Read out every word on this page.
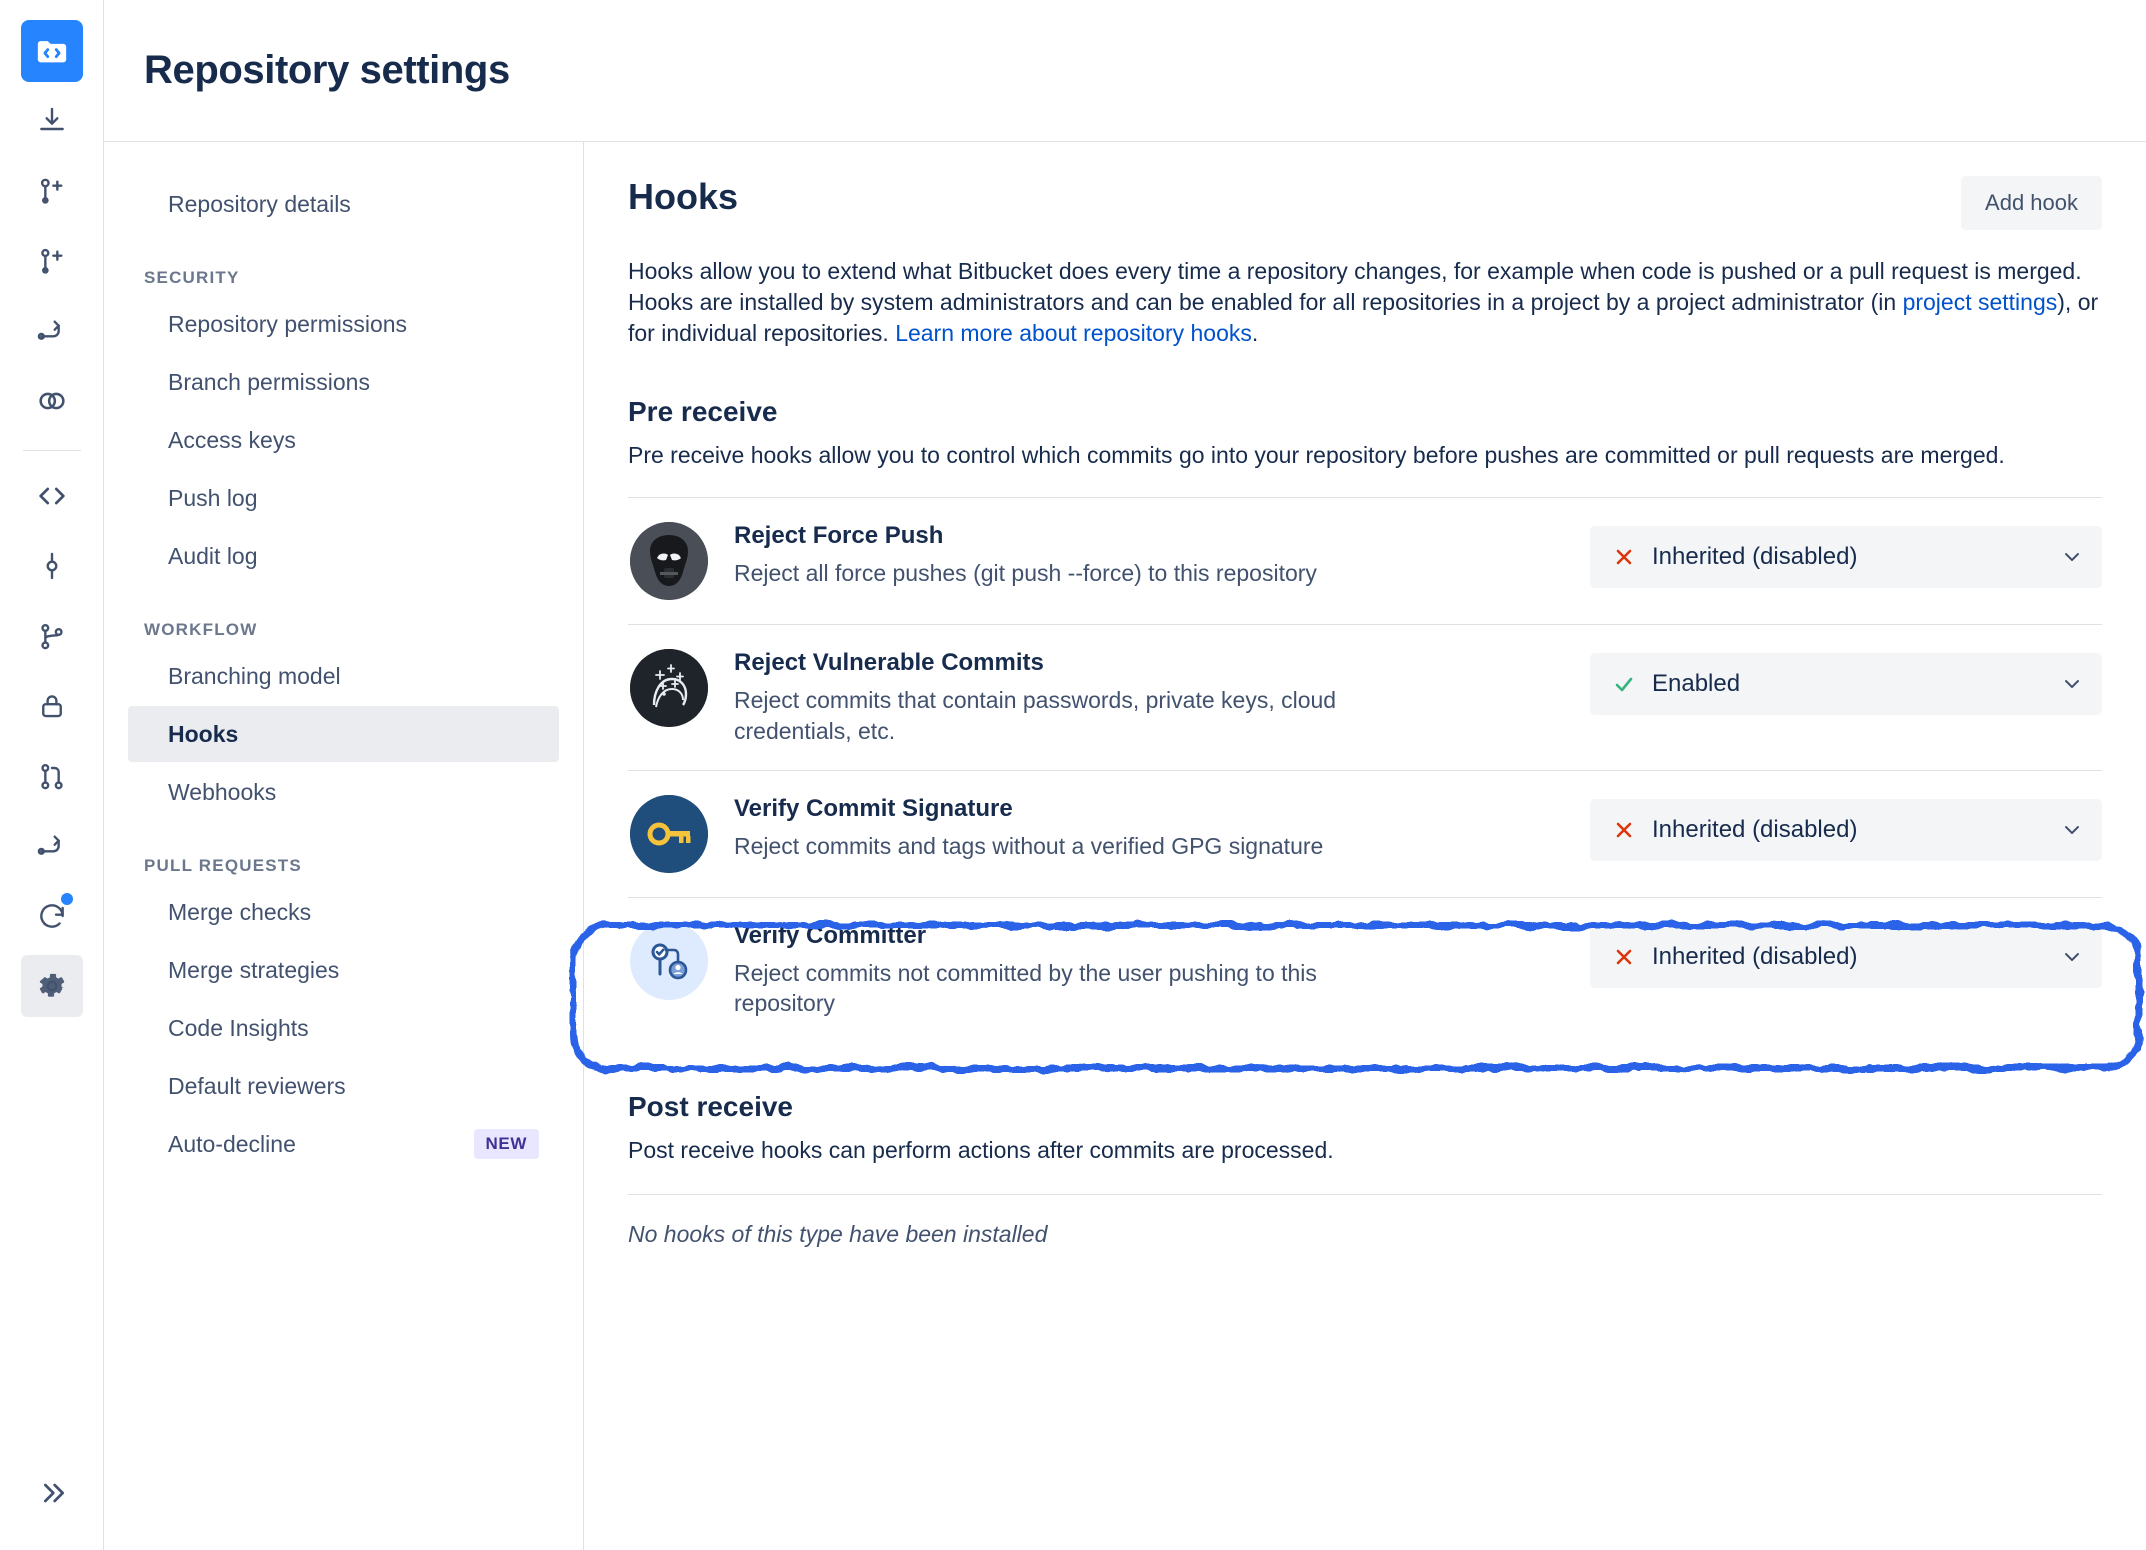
Repository settings
Repository details
SECURITY
Repository permissions
Branch permissions
Access keys
Push log
Audit log
WORKFLOW
Branching model
Hooks
Webhooks
PULL REQUESTS
Merge checks
Merge strategies
Code Insights
Default reviewers
Auto-decline	NEW
Hooks	Add hook
Hooks allow you to extend what Bitbucket does every time a repository changes, for example when code is pushed or a pull request is merged. Hooks are installed by system administrators and can be enabled for all repositories in a project by a project administrator (in project settings), or for individual repositories. Learn more about repository hooks.
Pre receive
Pre receive hooks allow you to control which commits go into your repository before pushes are committed or pull requests are merged.
Reject Force Push
Reject all force pushes (git push --force) to this repository
Inherited (disabled)
Reject Vulnerable Commits
Reject commits that contain passwords, private keys, cloud credentials, etc.
Enabled
Verify Commit Signature
Reject commits and tags without a verified GPG signature
Inherited (disabled)
Verify Committer
Reject commits not committed by the user pushing to this repository
Inherited (disabled)
Post receive
Post receive hooks can perform actions after commits are processed.
No hooks of this type have been installed
